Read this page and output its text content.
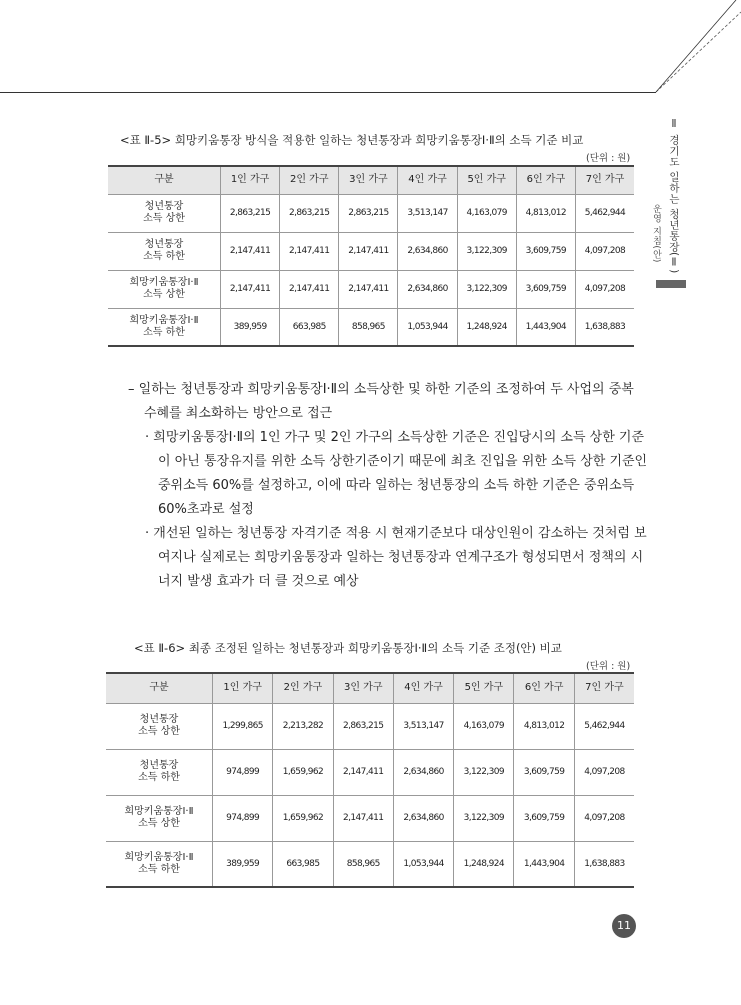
Ⅱ 경기도 일하는 청년통장(Ⅱ)
운영 지침(안)
<표 Ⅱ-5> 희망키움통장 방식을 적용한 일하는 청년통장과 희망키움통장Ⅰ·Ⅱ의 소득 기준 비교
(단위 : 원)
구분	1인 가구	2인 가구	3인 가구	4인 가구	5인 가구	6인 가구	7인 가구
청년통장
소득 상한	2,863,215	2,863,215	2,863,215	3,513,147	4,163,079	4,813,012	5,462,944
청년통장
소득 하한	2,147,411	2,147,411	2,147,411	2,634,860	3,122,309	3,609,759	4,097,208
희망키움통장Ⅰ·Ⅱ
소득 상한	2,147,411	2,147,411	2,147,411	2,634,860	3,122,309	3,609,759	4,097,208
희망키움통장Ⅰ·Ⅱ
소득 하한	389,959	663,985	858,965	1,053,944	1,248,924	1,443,904	1,638,883
– 일하는 청년통장과 희망키움통장Ⅰ·Ⅱ의 소득상한 및 하한 기준의 조정하여 두 사업의 중복 수혜를 최소화하는 방안으로 접근
· 희망키움통장Ⅰ·Ⅱ의 1인 가구 및 2인 가구의 소득상한 기준은 진입당시의 소득 상한 기준이 아닌 통장유지를 위한 소득 상한기준이기 때문에 최초 진입을 위한 소득 상한 기준인 중위소득 60%를 설정하고, 이에 따라 일하는 청년통장의 소득 하한 기준은 중위소득 60%초과로 설정
· 개선된 일하는 청년통장 자격기준 적용 시 현재기준보다 대상인원이 감소하는 것처럼 보여지나 실제로는 희망키움통장과 일하는 청년통장과 연계구조가 형성되면서 정책의 시너지 발생 효과가 더 클 것으로 예상
<표 Ⅱ-6> 최종 조정된 일하는 청년통장과 희망키움통장Ⅰ·Ⅱ의 소득 기준 조정(안) 비교
(단위 : 원)
구분	1인 가구	2인 가구	3인 가구	4인 가구	5인 가구	6인 가구	7인 가구
청년통장
소득 상한	1,299,865	2,213,282	2,863,215	3,513,147	4,163,079	4,813,012	5,462,944
청년통장
소득 하한	974,899	1,659,962	2,147,411	2,634,860	3,122,309	3,609,759	4,097,208
희망키움통장Ⅰ·Ⅱ
소득 상한	974,899	1,659,962	2,147,411	2,634,860	3,122,309	3,609,759	4,097,208
희망키움통장Ⅰ·Ⅱ
소득 하한	389,959	663,985	858,965	1,053,944	1,248,924	1,443,904	1,638,883
11
